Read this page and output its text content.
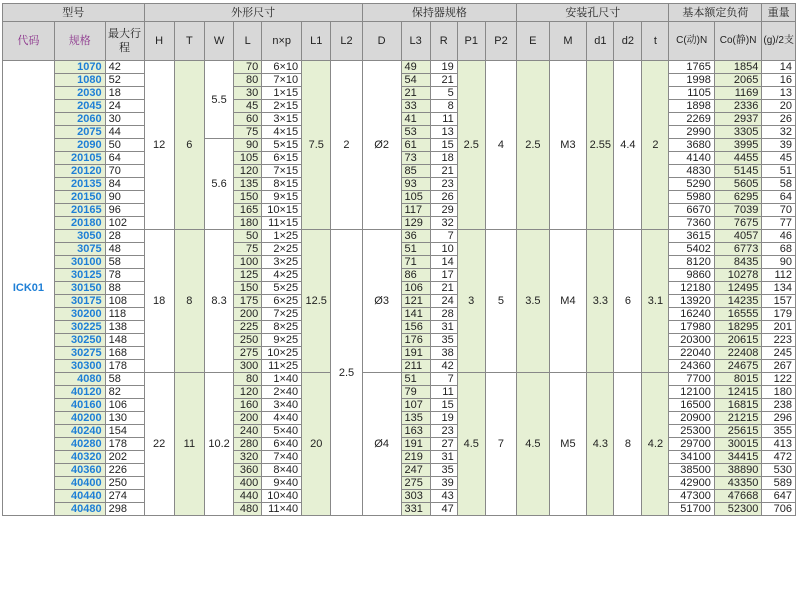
型号			外形尺寸							保持器规格					安装孔尺寸					基本额定负荷		重量
代码	规格	最大行程	H	T	W	L	n×p	L1	L2	D	L3	R	P1	P2	E	M	d1	d2	t	C(动)N	Co(静)N	(g)/2支
ICK01	1070	42	12	6	5.5	70	6×10	7.5	2	Ø2	49	19	2.5	4	2.5	M3	2.55	4.4	2	1765	1854	14
	1080	52				80	7×10				54	21								1998	2065	16
	2030	18				30	1×15				21	5								1105	1169	13
	2045	24				45	2×15				33	8								1898	2336	20
	2060	30				60	3×15				41	11								2269	2937	26
	2075	44				75	4×15				53	13								2990	3305	32
	2090	50			5.6	90	5×15				61	15								3680	3995	39
	20105	64				105	6×15				73	18								4140	4455	45
	20120	70				120	7×15				85	21								4830	5145	51
	20135	84				135	8×15				93	23								5290	5605	58
	20150	90				150	9×15				105	26								5980	6295	64
	20165	96				165	10×15				117	29								6670	7039	70
	20180	102				180	11×15				129	32								7360	7675	77
	3050	28	18	8	8.3	50	1×25	12.5	2.5	Ø3	36	7	3	5	3.5	M4	3.3	6	3.1	3615	4057	46
	3075	48				75	2×25				51	10								5402	6773	68
	30100	58				100	3×25				71	14								8120	8435	90
	30125	78				125	4×25				86	17								9860	10278	112
	30150	88				150	5×25				106	21								12180	12495	134
	30175	108				175	6×25				121	24								13920	14235	157
	30200	118				200	7×25				141	28								16240	16555	179
	30225	138				225	8×25				156	31								17980	18295	201
	30250	148				250	9×25				176	35								20300	20615	223
	30275	168				275	10×25				191	38								22040	22408	245
	30300	178				300	11×25				211	42								24360	24675	267
	4080	58	22	11	10.2	80	1×40	20		Ø4	51	7	4.5	7	4.5	M5	4.3	8	4.2	7700	8015	122
	40120	82				120	2×40				79	11								12100	12415	180
	40160	106				160	3×40				107	15								16500	16815	238
	40200	130				200	4×40				135	19								20900	21215	296
	40240	154				240	5×40				163	23								25300	25615	355
	40280	178				280	6×40				191	27								29700	30015	413
	40320	202				320	7×40				219	31								34100	34415	472
	40360	226				360	8×40				247	35								38500	38890	530
	40400	250				400	9×40				275	39								42900	43350	589
	40440	274				440	10×40				303	43								47300	47668	647
	40480	298				480	11×40				331	47								51700	52300	706
